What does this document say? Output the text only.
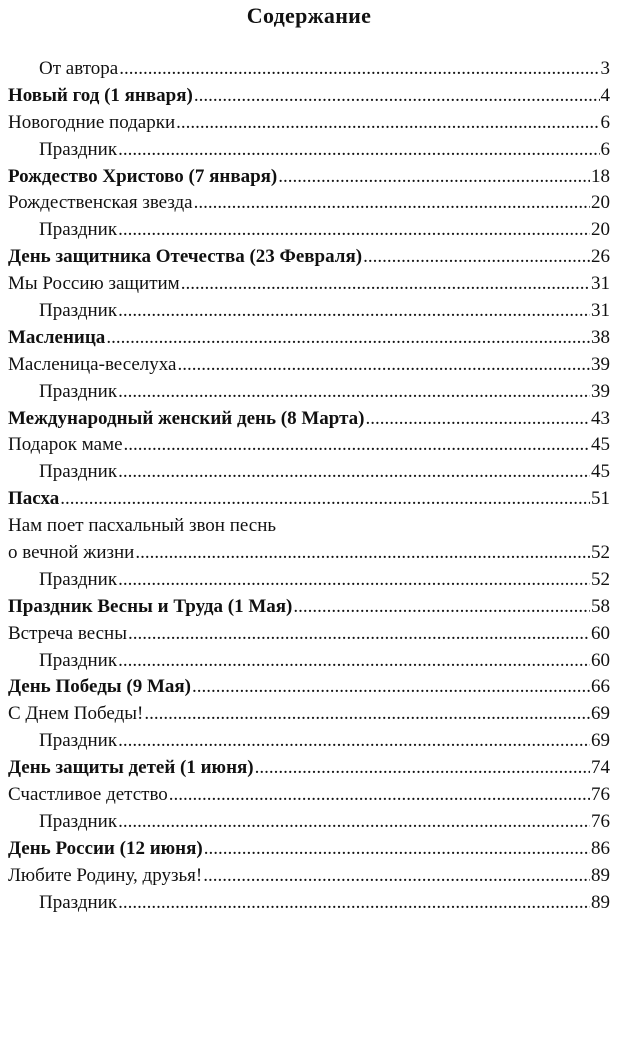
Содержание
От автора .....	3
Новый год (1 января) .....	4
Новогодние подарки .....	6
Праздник .....	6
Рождество Христово (7 января) .....	18
Рождественская звезда .....	20
Праздник .....	20
День защитника Отечества (23 Февраля) .....	26
Мы Россию защитим .....	31
Праздник .....	31
Масленица .....	38
Масленица-веселуха .....	39
Праздник .....	39
Международный женский день (8 Марта) .....	43
Подарок маме .....	45
Праздник .....	45
Пасха .....	51
Нам поет пасхальный звон песнь
о вечной жизни .....	52
Праздник .....	52
Праздник Весны и Труда (1 Мая) .....	58
Встреча весны .....	60
Праздник .....	60
День Победы (9 Мая) .....	66
С Днем Победы! .....	69
Праздник .....	69
День защиты детей (1 июня) .....	74
Счастливое детство .....	76
Праздник .....	76
День России (12 июня) .....	86
Любите Родину, друзья! .....	89
Праздник .....	89
